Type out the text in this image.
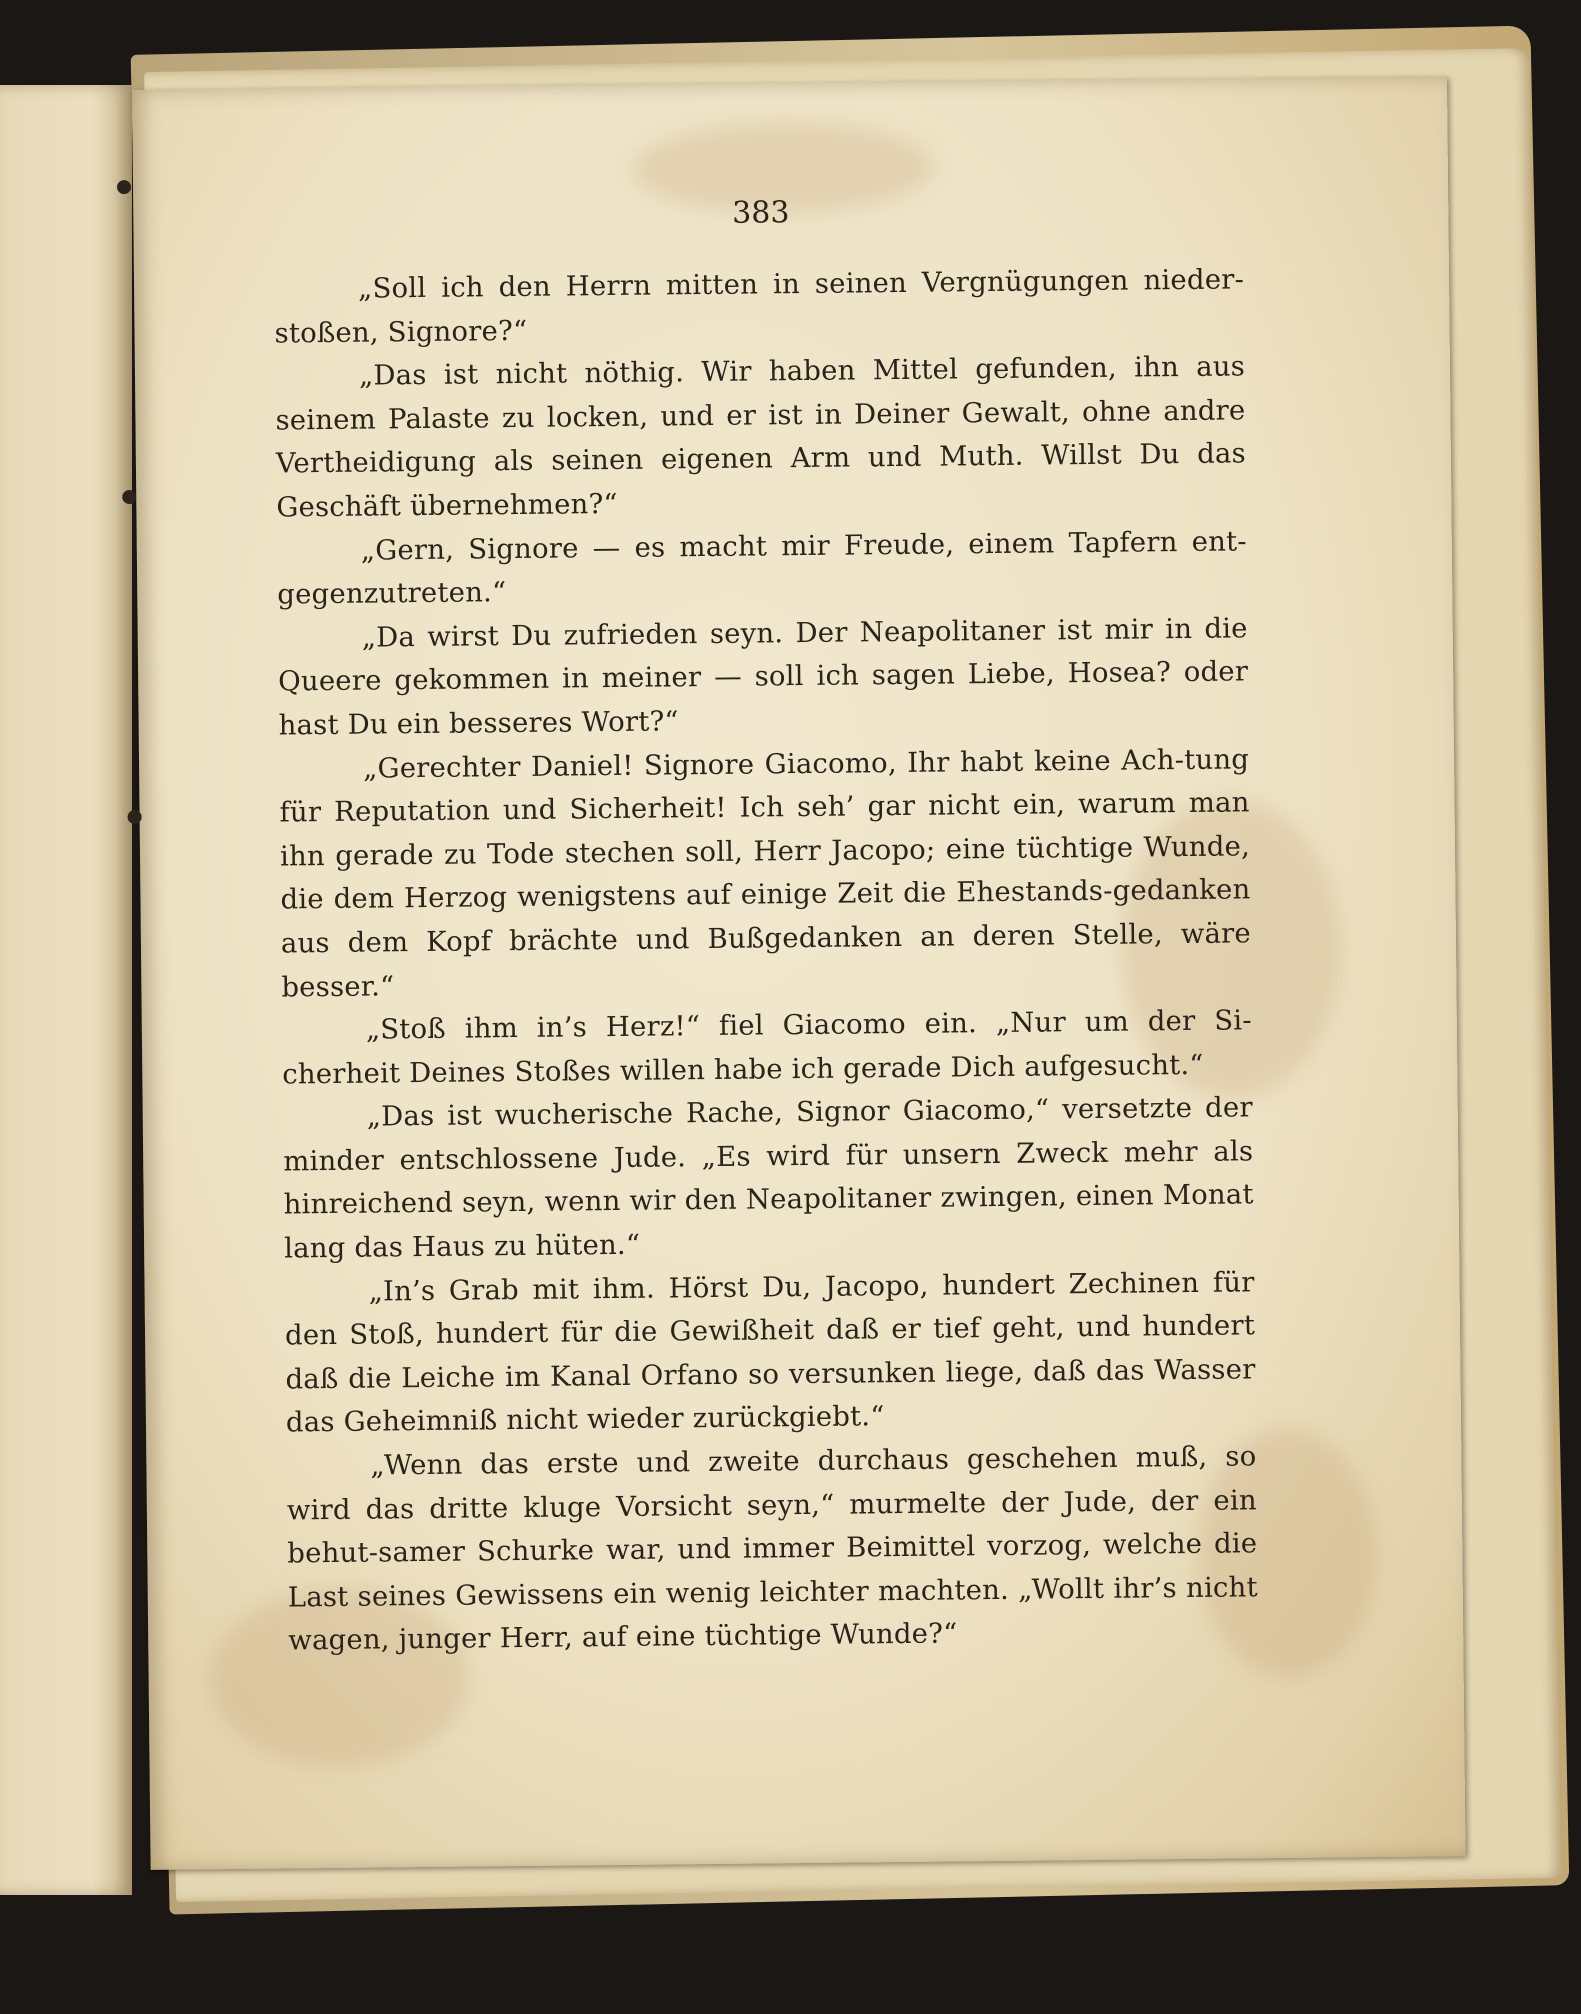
383

„Soll ich den Herrn mitten in seinen Vergnügungen nieder-stoßen, Signore?“

„Das ist nicht nöthig. Wir haben Mittel gefunden, ihn aus seinem Palaste zu locken, und er ist in Deiner Gewalt, ohne andre Vertheidigung als seinen eigenen Arm und Muth. Willst Du das Geschäft übernehmen?“

„Gern, Signore — es macht mir Freude, einem Tapfern ent-gegenzutreten.“

„Da wirst Du zufrieden seyn. Der Neapolitaner ist mir in die Queere gekommen in meiner — soll ich sagen Liebe, Hosea? oder hast Du ein besseres Wort?“

„Gerechter Daniel! Signore Giacomo, Ihr habt keine Ach-tung für Reputation und Sicherheit! Ich seh’ gar nicht ein, warum man ihn gerade zu Tode stechen soll, Herr Jacopo; eine tüchtige Wunde, die dem Herzog wenigstens auf einige Zeit die Ehestands-gedanken aus dem Kopf brächte und Bußgedanken an deren Stelle, wäre besser.“

„Stoß ihm in’s Herz!“ fiel Giacomo ein. „Nur um der Si-cherheit Deines Stoßes willen habe ich gerade Dich aufgesucht.“

„Das ist wucherische Rache, Signor Giacomo,“ versetzte der minder entschlossene Jude. „Es wird für unsern Zweck mehr als hinreichend seyn, wenn wir den Neapolitaner zwingen, einen Monat lang das Haus zu hüten.“

„In’s Grab mit ihm. Hörst Du, Jacopo, hundert Zechinen für den Stoß, hundert für die Gewißheit daß er tief geht, und hundert daß die Leiche im Kanal Orfano so versunken liege, daß das Wasser das Geheimniß nicht wieder zurückgiebt.“

„Wenn das erste und zweite durchaus geschehen muß, so wird das dritte kluge Vorsicht seyn,“ murmelte der Jude, der ein behut-samer Schurke war, und immer Beimittel vorzog, welche die Last seines Gewissens ein wenig leichter machten. „Wollt ihr’s nicht wagen, junger Herr, auf eine tüchtige Wunde?“
